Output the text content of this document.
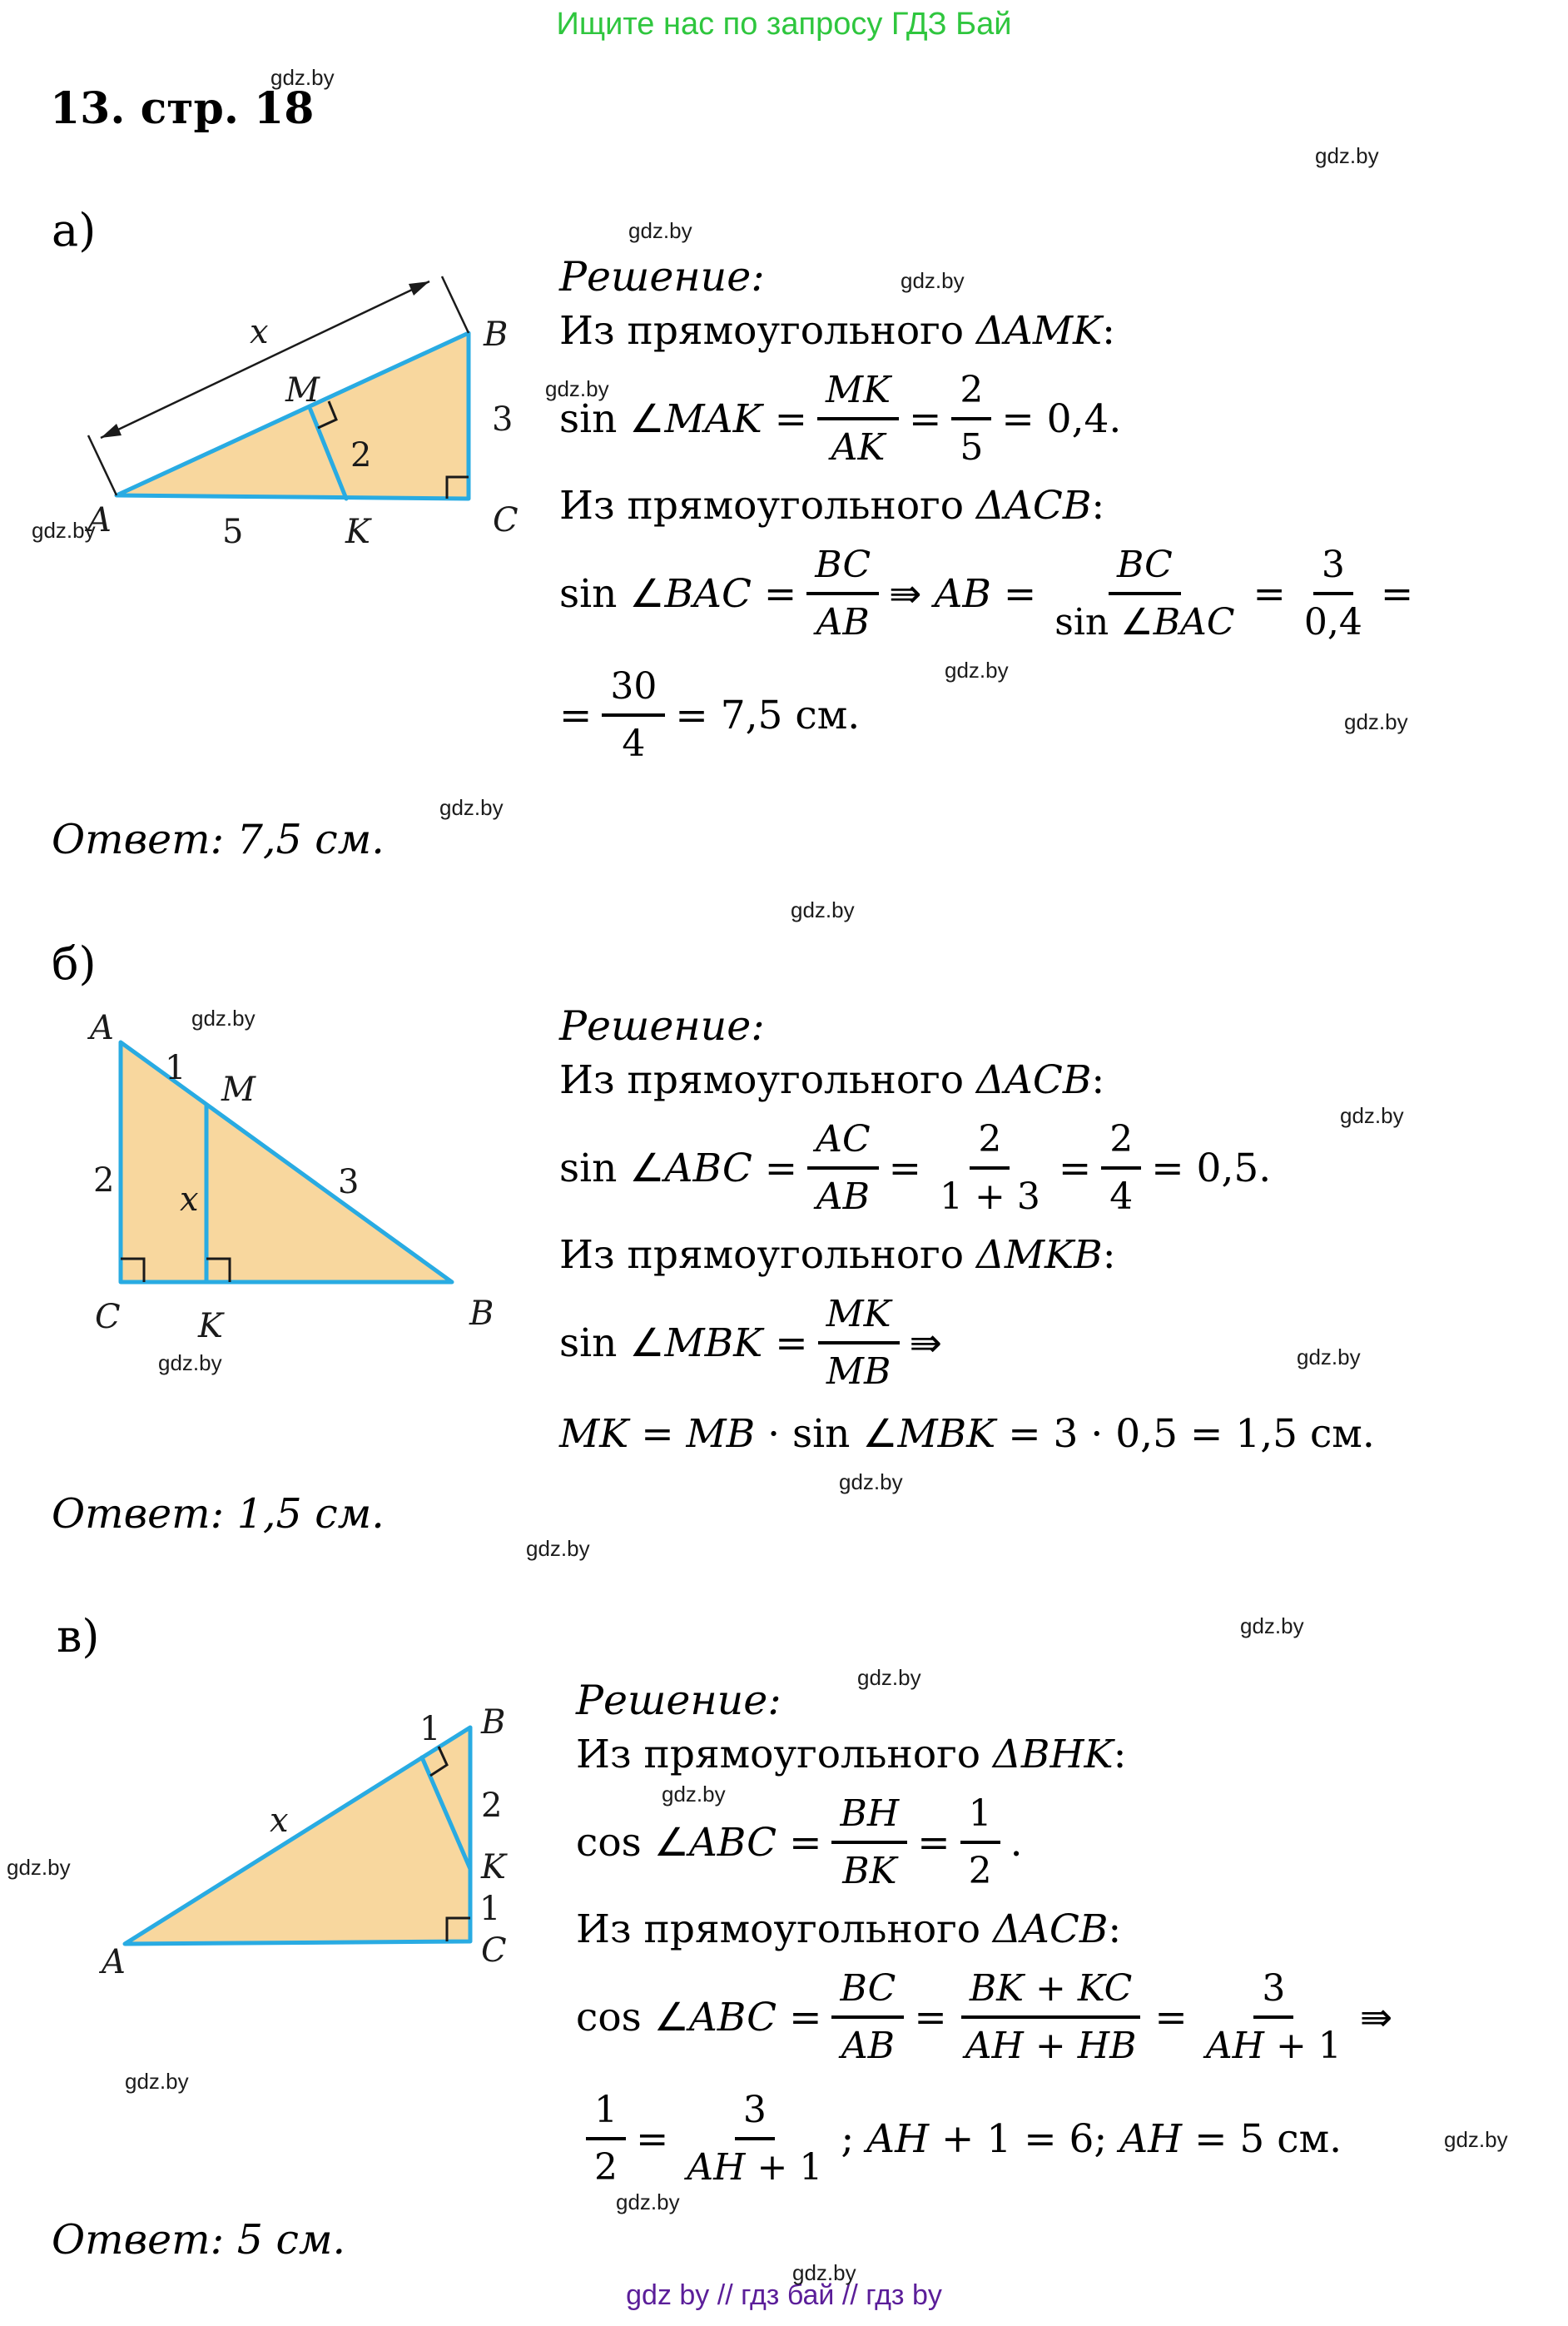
Ищите нас по запросу ГДЗ Бай
13. стр. 18
а)
A
B
C
M
K
x
5
2
3
Решение:
Из прямоугольного ΔAMK:
sin ∠MAK = $\frac{MK}{AK} = \frac{2}{5} = 0,4$.
Из прямоугольного ΔACB:
sin ∠BAC = $\frac{BC}{AB}$ ⇛ AB = $\frac{BC}{\text{sin ∠BAC}} = \frac{3}{0,4}$ =
= $\frac{30}{4} = 7,5$ см.
Ответ: 7,5 см.
б)
A
1
M
2 x	3
C K	B
Решение:
Из прямоугольного ΔACB:
sin ∠ABC = $\frac{AC}{AB} = \frac{2}{1 + 3} = \frac{2}{4} = 0,5$.
Из прямоугольного ΔMKB:
sin ∠MBK = $\frac{MK}{MB}$ ⇛
MK = MB · sin ∠MBK = 3 · 0,5 = 1,5 см.
Ответ: 1,5 см.
в)
B
1
2
K
1
C
A
x
Решение:
Из прямоугольного ΔBHK:
cos ∠ABC = $\frac{BH}{BK} = \frac{1}{2}$ .
Из прямоугольного ΔACB:
cos ∠ABC = $\frac{BC}{AB} = \frac{BK + KC}{AH + HB} = \frac{3}{AH + 1}$ ⇛
$\frac{1}{2} = \frac{3}{AH + 1}$ ; AH + 1 = 6; AH = 5 см.
Ответ: 5 см.
gdz by // гдз бай // гдз by
gdz.by
gdz.by
gdz.by
gdz.by
gdz.by
gdz.by
gdz.by
gdz.by
gdz.by
gdz.by
gdz.by
gdz.by
gdz.by	gdz.by
gdz.by
gdz.by
gdz.by
gdz.by
gdz.by
gdz.by
gdz.by
gdz.by
gdz.by
gdz.by
